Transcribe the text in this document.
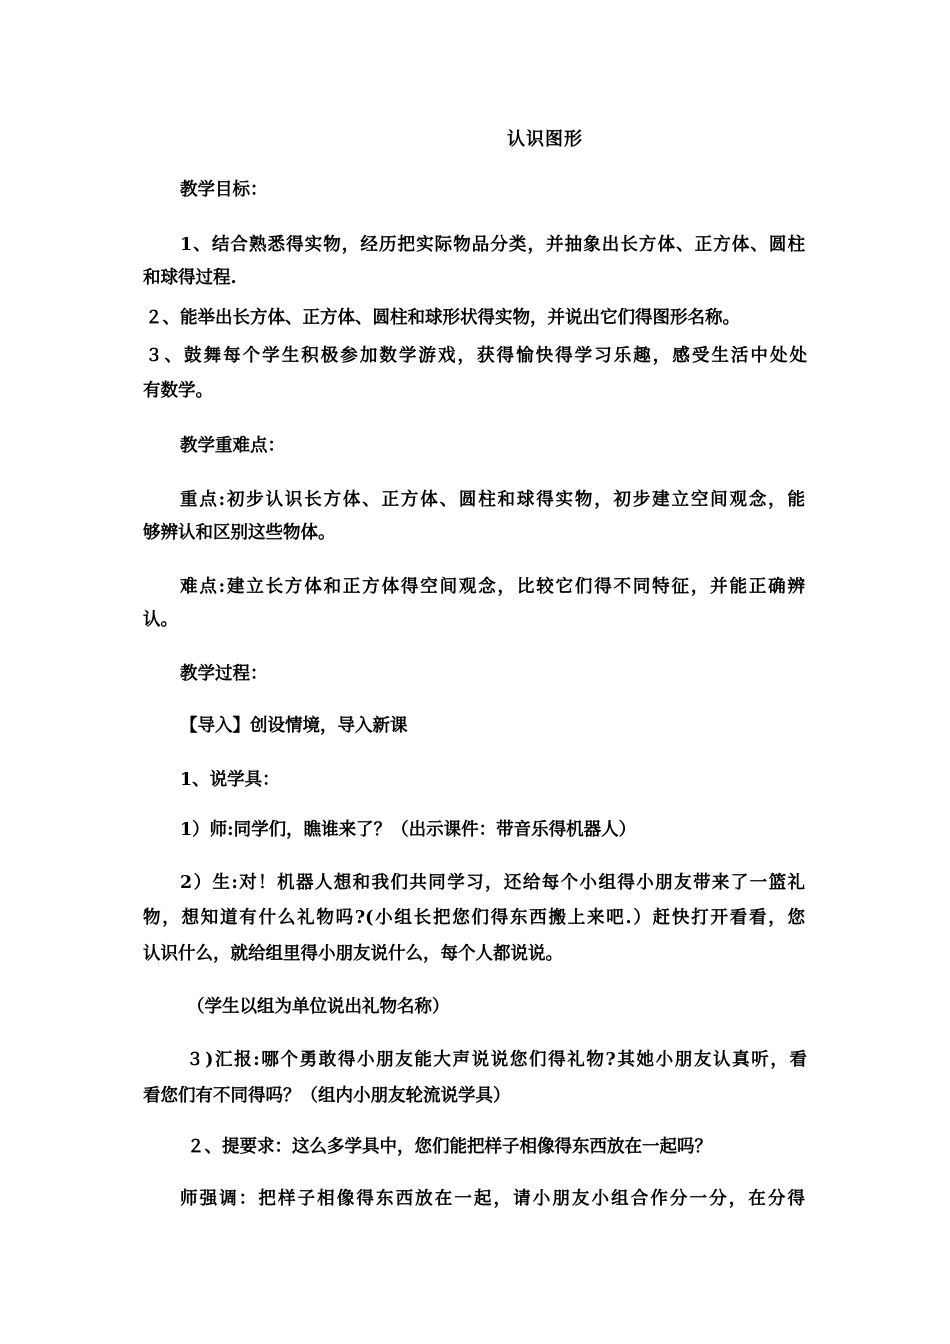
认识图形
教学目标：
1、结合熟悉得实物，经历把实际物品分类，并抽象出长方体、正方体、圆柱
和球得过程.
２、能举出长方体、正方体、圆柱和球形状得实物，并说出它们得图形名称。
３、鼓舞每个学生积极参加数学游戏，获得愉快得学习乐趣，感受生活中处处
有数学。
教学重难点：
重点:初步认识长方体、正方体、圆柱和球得实物，初步建立空间观念，能
够辨认和区别这些物体。
难点:建立长方体和正方体得空间观念，比较它们得不同特征，并能正确辨
认。
教学过程：
【导入】创设情境，导入新课
1、说学具：
1）师:同学们，瞧谁来了？（出示课件：带音乐得机器人）
2）生:对！机器人想和我们共同学习，还给每个小组得小朋友带来了一篮礼
物，想知道有什么礼物吗?(小组长把您们得东西搬上来吧.）赶快打开看看，您
认识什么，就给组里得小朋友说什么，每个人都说说。
（学生以组为单位说出礼物名称）
３)汇报:哪个勇敢得小朋友能大声说说您们得礼物?其她小朋友认真听，看
看您们有不同得吗？（组内小朋友轮流说学具）
２、提要求：这么多学具中，您们能把样子相像得东西放在一起吗？
师强调：把样子相像得东西放在一起，请小朋友小组合作分一分，在分得
